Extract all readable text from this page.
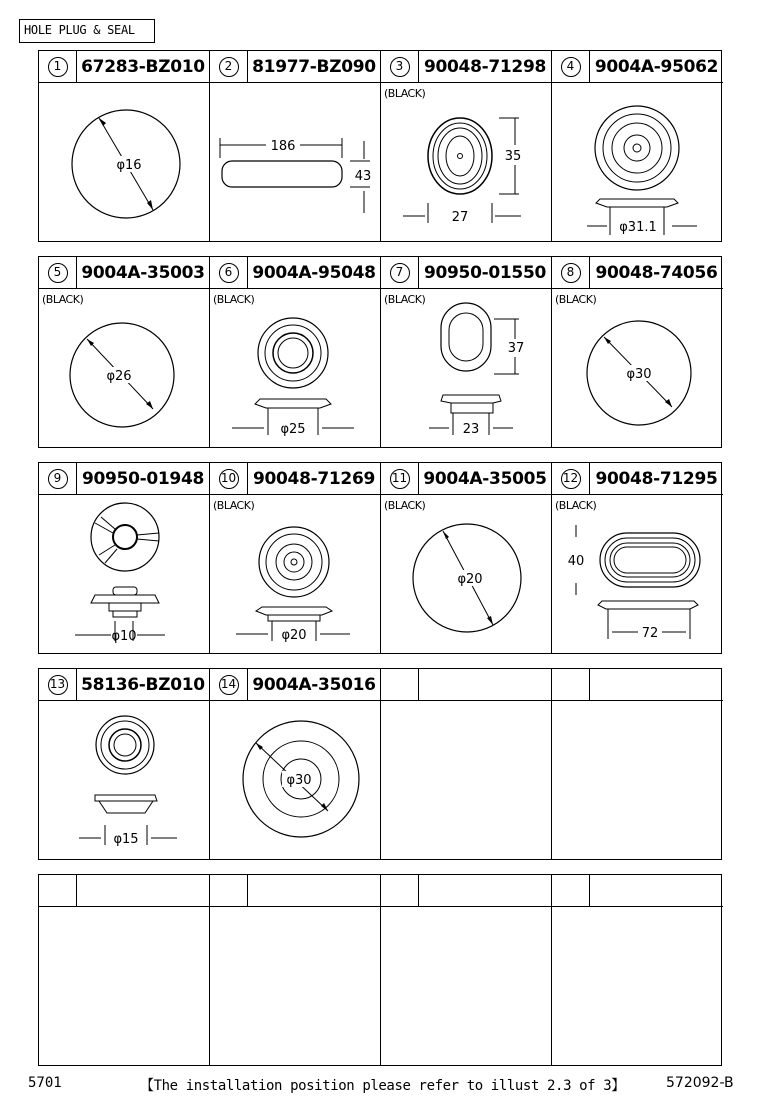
HOLE PLUG & SEAL
1	67283-BZ010
φ16
2	81977-BZ090
186
43
3	90048-71298
(BLACK)
35
27
4	9004A-95062
φ31.1
5	9004A-35003
(BLACK)
φ26
6	9004A-95048
(BLACK)
φ25
7	90950-01550
(BLACK)
37
23
8	90048-74056
(BLACK)
φ30
9	90950-01948
φ10
10 90048-71269
(BLACK)
φ20
11 9004A-35005
(BLACK)
φ20
12	90048-71295
(BLACK)
40
72
13 58136-BZ010
φ15
14 9004A-35016
φ30
5701	【The installation position please refer to illust 2.3 of 3】	572092-B
